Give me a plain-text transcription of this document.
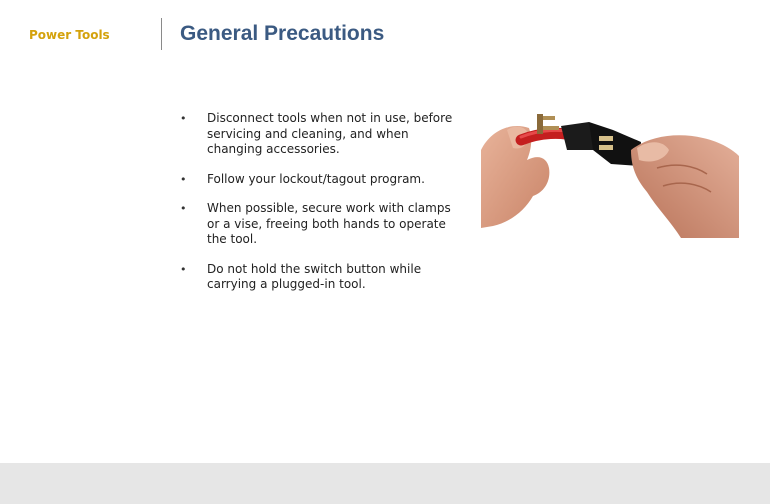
Power Tools	General Precautions
• Disconnect tools when not in use, before servicing and cleaning, and when changing accessories.
• Follow your lockout/tagout program.
• When possible, secure work with clamps or a vise, freeing both hands to operate the tool.
• Do not hold the switch button while carrying a plugged-in tool.
